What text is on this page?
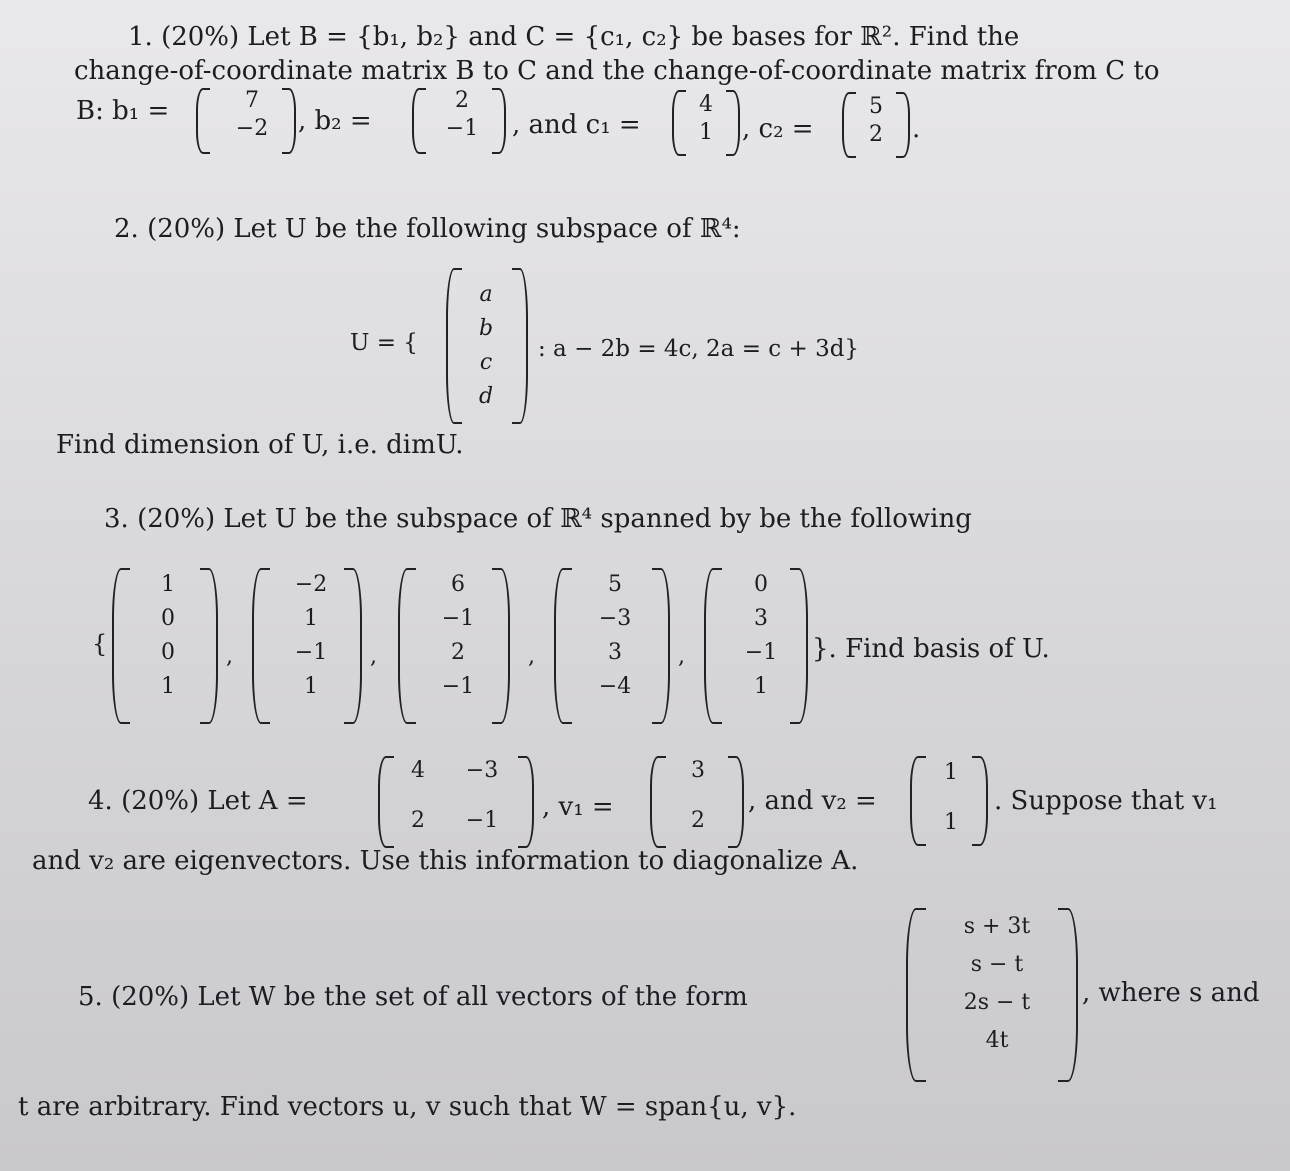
1. (20%) Let B = {b₁, b₂} and C = {c₁, c₂} be bases for ℝ². Find the
change-of-coordinate matrix B to C and the change-of-coordinate matrix from C to
B: b₁ =	7
−2	, b₂ =
2
−1	, and c₁ =
4
1	, c₂ =
5
2	.
2. (20%) Let U be the following subspace of ℝ⁴:
U = {
a
b
c
d
: a − 2b = 4c, 2a = c + 3d}
Find dimension of U, i.e. dimU.
3. (20%) Let U be the subspace of ℝ⁴ spanned by be the following
{
1
0
0
1
,
−2
1
−1
1
,
6
−1
2
−1
,
5
−3
3
−4
,
0
3
−1
1
}. Find basis of U.
4. (20%) Let A =
4	−3
2	−1 , v₁ =
3
2
, and v₂ =
1
1
. Suppose that v₁
and v₂ are eigenvectors. Use this information to diagonalize A.
5. (20%) Let W be the set of all vectors of the form
s + 3t
s − t
2s − t
4t
, where s and
t are arbitrary. Find vectors u, v such that W = span{u, v}.
